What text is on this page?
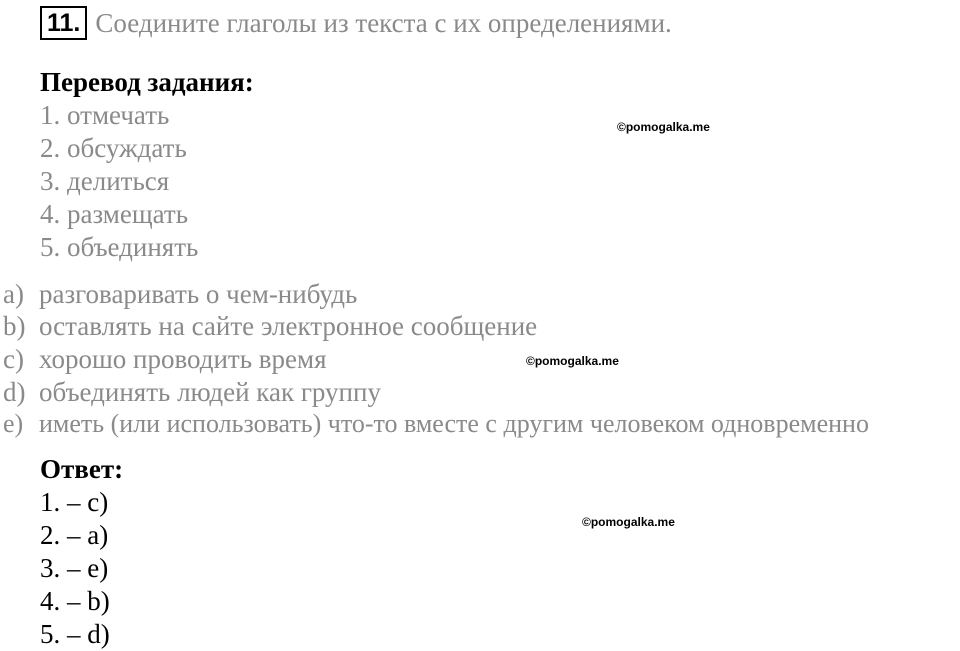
11. Соедините глаголы из текста с их определениями.
Перевод задания:
1. отмечать
2. обсуждать
3. делиться
4. размещать
5. объединять
a) разговаривать о чем-нибудь
b) оставлять на сайте электронное сообщение
c) хорошо проводить время
d) объединять людей как группу
e) иметь (или использовать) что-то вместе с другим человеком одновременно
Ответ:
1. – c)
2. – a)
3. – e)
4. – b)
5. – d)
©pomogalka.me
©pomogalka.me
©pomogalka.me
